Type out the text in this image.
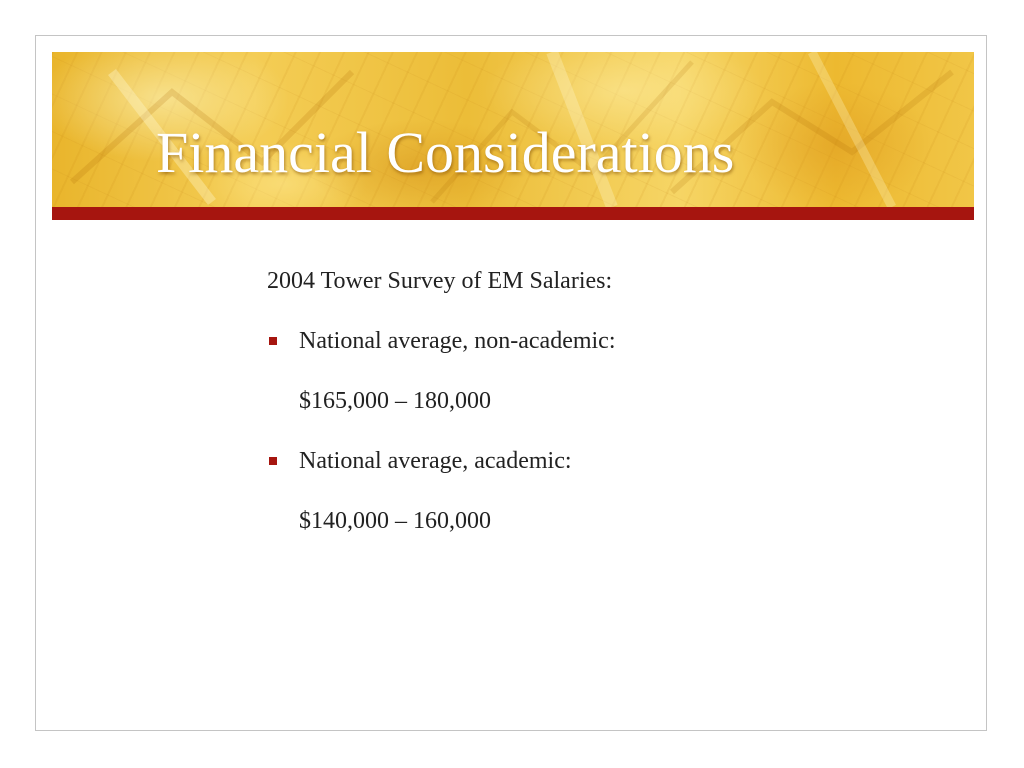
Financial Considerations

2004 Tower Survey of EM Salaries:

National average, non-academic:
$165,000 – 180,000
National average, academic:
$140,000 – 160,000
